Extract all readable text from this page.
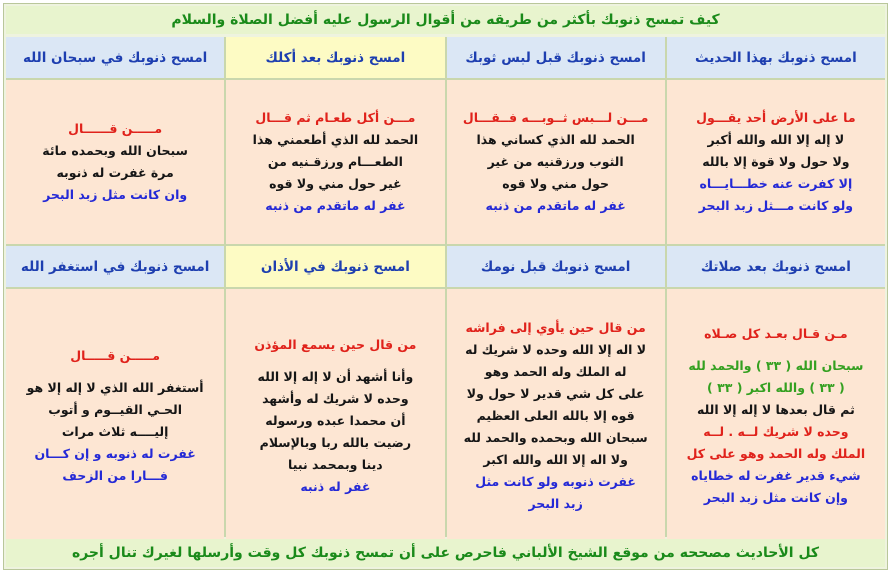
كيف تمسح ذنوبك بأكثر من طريقه من أقوال الرسول عليه أفضل الصلاة والسلام
امسح ذنوبك بهذا الحديث
امسح ذنوبك قبل لبس ثوبك
امسح ذنوبك بعد أكلك
امسح ذنوبك في سبحان الله
ما على الأرض أحد يقـــول
لا إله إلا الله والله أكبر
ولا حول ولا قوة إلا بالله
إلا كفرت عنه خطـــايـــاه
ولو كانت مـــثل زبد البحر
مـــن لـــبس ثــوبـــه فــقـــال
الحمد لله الذي كساني هذا
الثوب ورزقنيه من غير
حول مني ولا قوه
غفر له ماتقدم من ذنبه
مـــن أكل طعـام ثم قـــال
الحمد لله الذي أطعمني هذا
الطعـــام ورزقـنيه من
غير حول مني ولا قوه
غفر له ماتقدم من ذنبه
مـــــن قــــــال
سبحان الله وبحمده مائة
مرة غفرت له ذنوبه
وان كانت مثل زبد البحر
امسح ذنوبك بعد صلاتك
امسح ذنوبك قبل نومك
امسح ذنوبك في الأذان
امسح ذنوبك في استغفر الله
مـن قـال بعـد كل صـلاه
سبحان الله ( ٣٣ ) والحمد لله
( ٣٣ ) والله اكبر ( ٣٣ )
ثم قال بعدها لا إله إلا الله
وحده لا شريك لــه . لــه
الملك وله الحمد وهو على كل
شيء قدير غفرت له خطاياه
وإن كانت مثل زبد البحر
من قال حين يأوي إلى فراشه
لا اله إلا الله وحده لا شريك له
له الملك وله الحمد وهو
على كل شي قدير لا حول ولا
قوه إلا بالله العلى العظيم
سبحان الله وبحمده والحمد لله
ولا اله إلا الله والله اكبر
غفرت ذنوبه ولو كانت مثل
زبد البحر
من قال حين يسمع المؤذن
وأنا أشهد أن لا إله إلا الله
وحده لا شريك له وأشهد
أن محمدا عبده ورسوله
رضيت بالله ربا وبالإسلام
دينا وبمحمد نبيا
غفر له ذنبه
مـــــن قـــــال
أستغفر الله الذي لا إله إلا هو
الحـي القيــوم و أتوب
إليــــه ثلاث مرات
غفرت له ذنوبه و إن كـــان
فـــارا من الزحف
كل الأحاديث مصححه من موقع الشيخ الألباني فاحرص على أن تمسح ذنوبك كل وقت وأرسلها لغيرك تنال أجره
